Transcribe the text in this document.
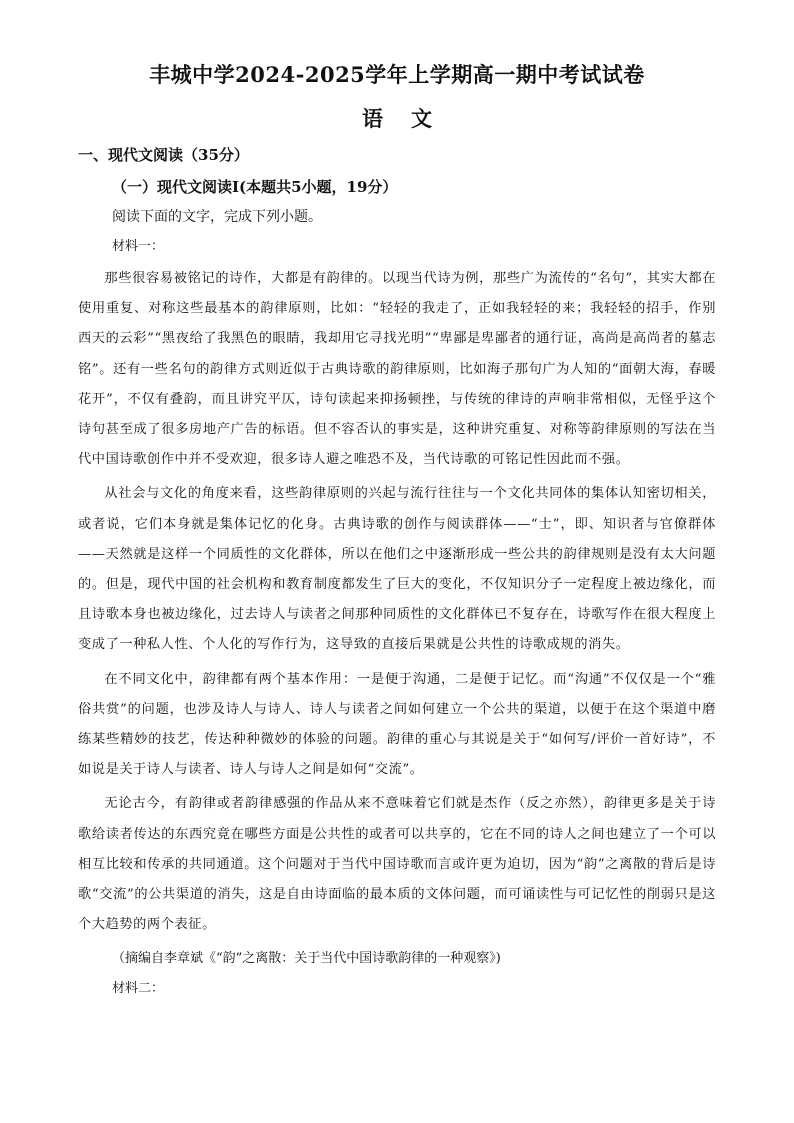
丰城中学2024-2025学年上学期高一期中考试试卷
语文
一、现代文阅读（35分）
（一）现代文阅读Ⅰ(本题共5小题，19分）
阅读下面的文字，完成下列小题。
材料一：

那些很容易被铭记的诗作，大都是有韵律的。以现当代诗为例，那些广为流传的“名句”，其实大都在使用重复、对称这些最基本的韵律原则，比如：“轻轻的我走了，正如我轻轻的来；我轻轻的招手，作别西天的云彩”“黑夜给了我黑色的眼睛，我却用它寻找光明”“卑鄙是卑鄙者的通行证，高尚是高尚者的墓志铭”。还有一些名句的韵律方式则近似于古典诗歌的韵律原则，比如海子那句广为人知的“面朝大海，春暖花开”，不仅有叠韵，而且讲究平仄，诗句读起来抑扬顿挫，与传统的律诗的声响非常相似，无怪乎这个诗句甚至成了很多房地产广告的标语。但不容否认的事实是，这种讲究重复、对称等韵律原则的写法在当代中国诗歌创作中并不受欢迎，很多诗人避之唯恐不及，当代诗歌的可铭记性因此而不强。

从社会与文化的角度来看，这些韵律原则的兴起与流行往往与一个文化共同体的集体认知密切相关，或者说，它们本身就是集体记忆的化身。古典诗歌的创作与阅读群体——“士”，即、知识者与官僚群体——天然就是这样一个同质性的文化群体，所以在他们之中逐渐形成一些公共的韵律规则是没有太大问题的。但是，现代中国的社会机构和教育制度都发生了巨大的变化，不仅知识分子一定程度上被边缘化，而且诗歌本身也被边缘化，过去诗人与读者之间那种同质性的文化群体已不复存在，诗歌写作在很大程度上变成了一种私人性、个人化的写作行为，这导致的直接后果就是公共性的诗歌成规的消失。

在不同文化中，韵律都有两个基本作用：一是便于沟通，二是便于记忆。而“沟通”不仅仅是一个“雅俗共赏”的问题，也涉及诗人与诗人、诗人与读者之间如何建立一个公共的渠道，以便于在这个渠道中磨练某些精妙的技艺，传达种种微妙的体验的问题。韵律的重心与其说是关于“如何写/评价一首好诗”，不如说是关于诗人与读者、诗人与诗人之间是如何“交流”。

无论古今，有韵律或者韵律感强的作品从来不意味着它们就是杰作（反之亦然），韵律更多是关于诗歌给读者传达的东西究竟在哪些方面是公共性的或者可以共享的，它在不同的诗人之间也建立了一个可以相互比较和传承的共同通道。这个问题对于当代中国诗歌而言或许更为迫切，因为“韵”之离散的背后是诗歌“交流”的公共渠道的消失，这是自由诗面临的最本质的文体问题，而可诵读性与可记忆性的削弱只是这个大趋势的两个表征。

（摘编自李章斌《“韵”之离散：关于当代中国诗歌韵律的一种观察》)
材料二：
